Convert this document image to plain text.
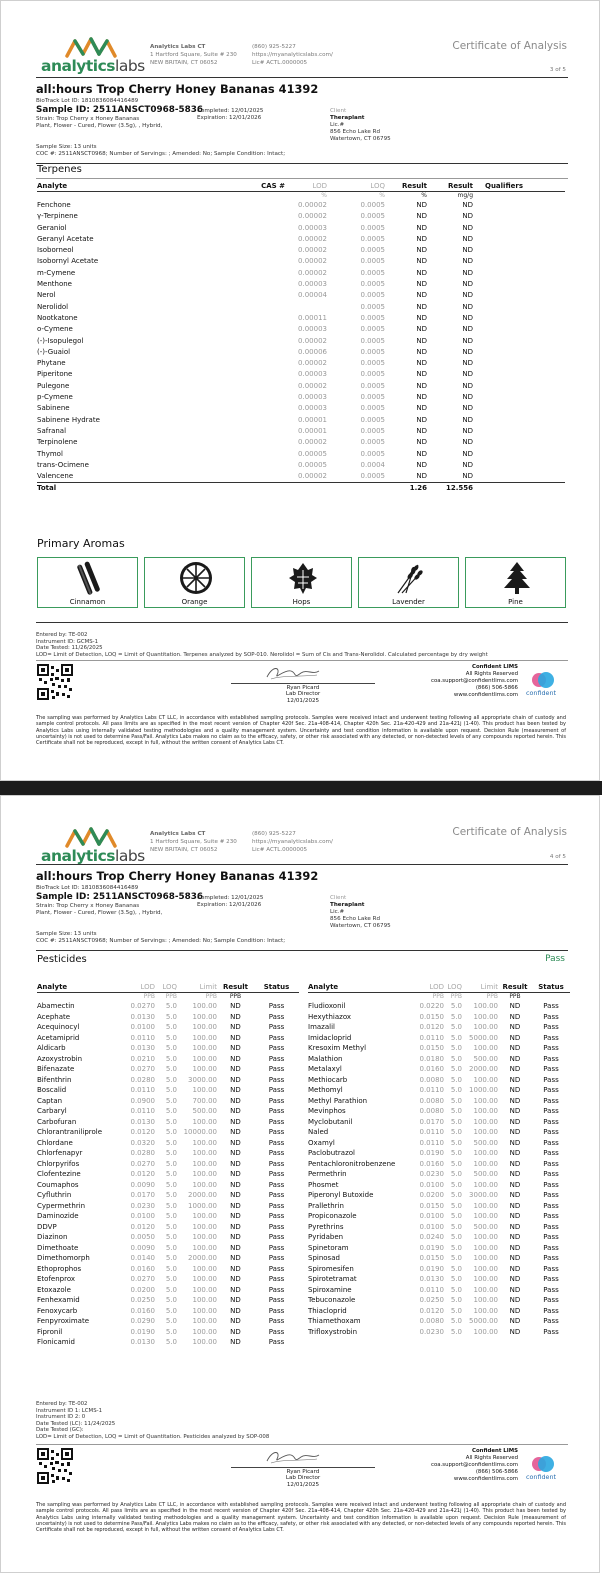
analyticslabs
Analytics Labs CT
1 Hartford Square, Suite # 230
NEW BRITAIN, CT 06052
(860) 925-5227
https://myanalyticslabs.com/
Lic# ACTL.0000005
Certificate of Analysis
3 of 5
all:hours Trop Cherry Honey Bananas 41392
BioTrack Lot ID: 1810836084416489
Sample ID: 2511ANSCT0968-5836
Strain: Trop Cherry x Honey Bananas
Plant, Flower - Cured, Flower (3.5g), , Hybrid,
Completed: 12/01/2025
Expiration: 12/01/2026
Client
Theraplant
Lic.#
856 Echo Lake Rd
Watertown, CT 06795
Sample Size: 13 units
COC #: 2511ANSCT0968; Number of Servings: ; Amended: No; Sample Condition: Intact;
Terpenes
Analyte	CAS #	LOD	LOQ	Result	Result	Qualifiers
		%	%	%	mg/g	
Fenchone		0.00002	0.0005	ND	ND	
γ-Terpinene		0.00002	0.0005	ND	ND	
Geraniol		0.00003	0.0005	ND	ND	
Geranyl Acetate		0.00002	0.0005	ND	ND	
Isoborneol		0.00002	0.0005	ND	ND	
Isobornyl Acetate		0.00002	0.0005	ND	ND	
m-Cymene		0.00002	0.0005	ND	ND	
Menthone		0.00003	0.0005	ND	ND	
Nerol		0.00004	0.0005	ND	ND	
Nerolidol			0.0005	ND	ND	
Nootkatone		0.00011	0.0005	ND	ND	
o-Cymene		0.00003	0.0005	ND	ND	
(-)-Isopulegol		0.00002	0.0005	ND	ND	
(-)-Guaiol		0.00006	0.0005	ND	ND	
Phytane		0.00002	0.0005	ND	ND	
Piperitone		0.00003	0.0005	ND	ND	
Pulegone		0.00002	0.0005	ND	ND	
p-Cymene		0.00003	0.0005	ND	ND	
Sabinene		0.00003	0.0005	ND	ND	
Sabinene Hydrate		0.00001	0.0005	ND	ND	
Safranal		0.00001	0.0005	ND	ND	
Terpinolene		0.00002	0.0005	ND	ND	
Thymol		0.00005	0.0005	ND	ND	
trans-Ocimene		0.00005	0.0004	ND	ND	
Valencene		0.00002	0.0005	ND	ND	
Total				1.26	12.556	
Primary Aromas
Cinnamon	Orange	Hops	Lavender	Pine
Entered by: TE-002
Instrument ID: GCMS-1
Date Tested: 11/26/2025
LOD= Limit of Detection, LOQ = Limit of Quantitation. Terpenes analyzed by SOP-010. Nerolidol = Sum of Cis and Trans-Nerolidol. Calculated percentage by dry weight
Ryan Picard
Lab Director
12/01/2025
Confident LIMS
All Rights Reserved
coa.support@confidentlims.com
(866) 506-5866
www.confidentlims.com confident
The sampling was performed by Analytics Labs CT LLC, in accordance with established sampling protocols. Samples were received intact and underwent testing following all appropriate chain of custody and sample control protocols. All pass limits are as specified in the most recent version of Chapter 420f Sec. 21a-408-414, Chapter 420h Sec. 21a-420-429 and 21a-421j (1-40). This product has been tested by Analytics Labs using internally validated testing methodologies and a quality management system. Uncertainty and test condition information is available upon request. Decision Rule (measurement of uncertainty) is not used to determine Pass/Fail. Analytics Labs makes no claim as to the efficacy, safety, or other risk associated with any detected, or non-detected levels of any compounds reported herein. This Certificate shall not be reproduced, except in full, without the written consent of Analytics Labs CT.
analyticslabs
Analytics Labs CT
1 Hartford Square, Suite # 230
NEW BRITAIN, CT 06052
(860) 925-5227
https://myanalyticslabs.com/
Lic# ACTL.0000005
Certificate of Analysis
4 of 5
all:hours Trop Cherry Honey Bananas 41392
BioTrack Lot ID: 1810836084416489
Sample ID: 2511ANSCT0968-5836
Strain: Trop Cherry x Honey Bananas
Plant, Flower - Cured, Flower (3.5g), , Hybrid,
Completed: 12/01/2025
Expiration: 12/01/2026
Client
Theraplant
Lic.#
856 Echo Lake Rd
Watertown, CT 06795
Sample Size: 13 units
COC #: 2511ANSCT0968; Number of Servings: ; Amended: No; Sample Condition: Intact;
Pesticides	Pass
Analyte	LOD	LOQ	Limit	Result	Status
	PPB	PPB	PPB	PPB	
Abamectin	0.0270	5.0	100.00	ND	Pass
Acephate	0.0130	5.0	100.00	ND	Pass
Acequinocyl	0.0100	5.0	100.00	ND	Pass
Acetamiprid	0.0110	5.0	100.00	ND	Pass
Aldicarb	0.0130	5.0	100.00	ND	Pass
Azoxystrobin	0.0210	5.0	100.00	ND	Pass
Bifenazate	0.0270	5.0	100.00	ND	Pass
Bifenthrin	0.0280	5.0	3000.00	ND	Pass
Boscalid	0.0110	5.0	100.00	ND	Pass
Captan	0.0900	5.0	700.00	ND	Pass
Carbaryl	0.0110	5.0	500.00	ND	Pass
Carbofuran	0.0130	5.0	100.00	ND	Pass
Chlorantraniliprole	0.0120	5.0	10000.00	ND	Pass
Chlordane	0.0320	5.0	100.00	ND	Pass
Chlorfenapyr	0.0280	5.0	100.00	ND	Pass
Chlorpyrifos	0.0270	5.0	100.00	ND	Pass
Clofentezine	0.0120	5.0	100.00	ND	Pass
Coumaphos	0.0090	5.0	100.00	ND	Pass
Cyfluthrin	0.0170	5.0	2000.00	ND	Pass
Cypermethrin	0.0230	5.0	1000.00	ND	Pass
Daminozide	0.0100	5.0	100.00	ND	Pass
DDVP	0.0120	5.0	100.00	ND	Pass
Diazinon	0.0050	5.0	100.00	ND	Pass
Dimethoate	0.0090	5.0	100.00	ND	Pass
Dimethomorph	0.0140	5.0	2000.00	ND	Pass
Ethoprophos	0.0160	5.0	100.00	ND	Pass
Etofenprox	0.0270	5.0	100.00	ND	Pass
Etoxazole	0.0200	5.0	100.00	ND	Pass
Fenhexamid	0.0250	5.0	100.00	ND	Pass
Fenoxycarb	0.0160	5.0	100.00	ND	Pass
Fenpyroximate	0.0290	5.0	100.00	ND	Pass
Fipronil	0.0190	5.0	100.00	ND	Pass
Flonicamid	0.0130	5.0	100.00	ND	Pass
Analyte	LOD	LOQ	Limit	Result	Status
	PPB	PPB	PPB	PPB	
Fludioxonil	0.0220	5.0	100.00	ND	Pass
Hexythiazox	0.0150	5.0	100.00	ND	Pass
Imazalil	0.0120	5.0	100.00	ND	Pass
Imidacloprid	0.0110	5.0	5000.00	ND	Pass
Kresoxim Methyl	0.0150	5.0	100.00	ND	Pass
Malathion	0.0180	5.0	500.00	ND	Pass
Metalaxyl	0.0160	5.0	2000.00	ND	Pass
Methiocarb	0.0080	5.0	100.00	ND	Pass
Methomyl	0.0110	5.0	1000.00	ND	Pass
Methyl Parathion	0.0080	5.0	100.00	ND	Pass
Mevinphos	0.0080	5.0	100.00	ND	Pass
Myclobutanil	0.0170	5.0	100.00	ND	Pass
Naled	0.0110	5.0	100.00	ND	Pass
Oxamyl	0.0110	5.0	500.00	ND	Pass
Paclobutrazol	0.0190	5.0	100.00	ND	Pass
Pentachloronitrobenzene	0.0160	5.0	100.00	ND	Pass
Permethrin	0.0230	5.0	500.00	ND	Pass
Phosmet	0.0100	5.0	100.00	ND	Pass
Piperonyl Butoxide	0.0200	5.0	3000.00	ND	Pass
Prallethrin	0.0150	5.0	100.00	ND	Pass
Propiconazole	0.0100	5.0	100.00	ND	Pass
Pyrethrins	0.0100	5.0	500.00	ND	Pass
Pyridaben	0.0240	5.0	100.00	ND	Pass
Spinetoram	0.0190	5.0	100.00	ND	Pass
Spinosad	0.0150	5.0	100.00	ND	Pass
Spiromesifen	0.0190	5.0	100.00	ND	Pass
Spirotetramat	0.0130	5.0	100.00	ND	Pass
Spiroxamine	0.0110	5.0	100.00	ND	Pass
Tebuconazole	0.0250	5.0	100.00	ND	Pass
Thiacloprid	0.0120	5.0	100.00	ND	Pass
Thiamethoxam	0.0080	5.0	5000.00	ND	Pass
Trifloxystrobin	0.0230	5.0	100.00	ND	Pass
Entered by: TE-002
Instrument ID 1: LCMS-1
Instrument ID 2: 0
Date Tested (LC): 11/24/2025
Date Tested (GC):
LOD= Limit of Detection, LOQ = Limit of Quantitation. Pesticides analyzed by SOP-008
Ryan Picard
Lab Director
12/01/2025
Confident LIMS
All Rights Reserved
coa.support@confidentlims.com
(866) 506-5866
www.confidentlims.com confident
The sampling was performed by Analytics Labs CT LLC, in accordance with established sampling protocols. Samples were received intact and underwent testing following all appropriate chain of custody and sample control protocols. All pass limits are as specified in the most recent version of Chapter 420f Sec. 21a-408-414, Chapter 420h Sec. 21a-420-429 and 21a-421j (1-40). This product has been tested by Analytics Labs using internally validated testing methodologies and a quality management system. Uncertainty and test condition information is available upon request. Decision Rule (measurement of uncertainty) is not used to determine Pass/Fail. Analytics Labs makes no claim as to the efficacy, safety, or other risk associated with any detected, or non-detected levels of any compounds reported herein. This Certificate shall not be reproduced, except in full, without the written consent of Analytics Labs CT.
